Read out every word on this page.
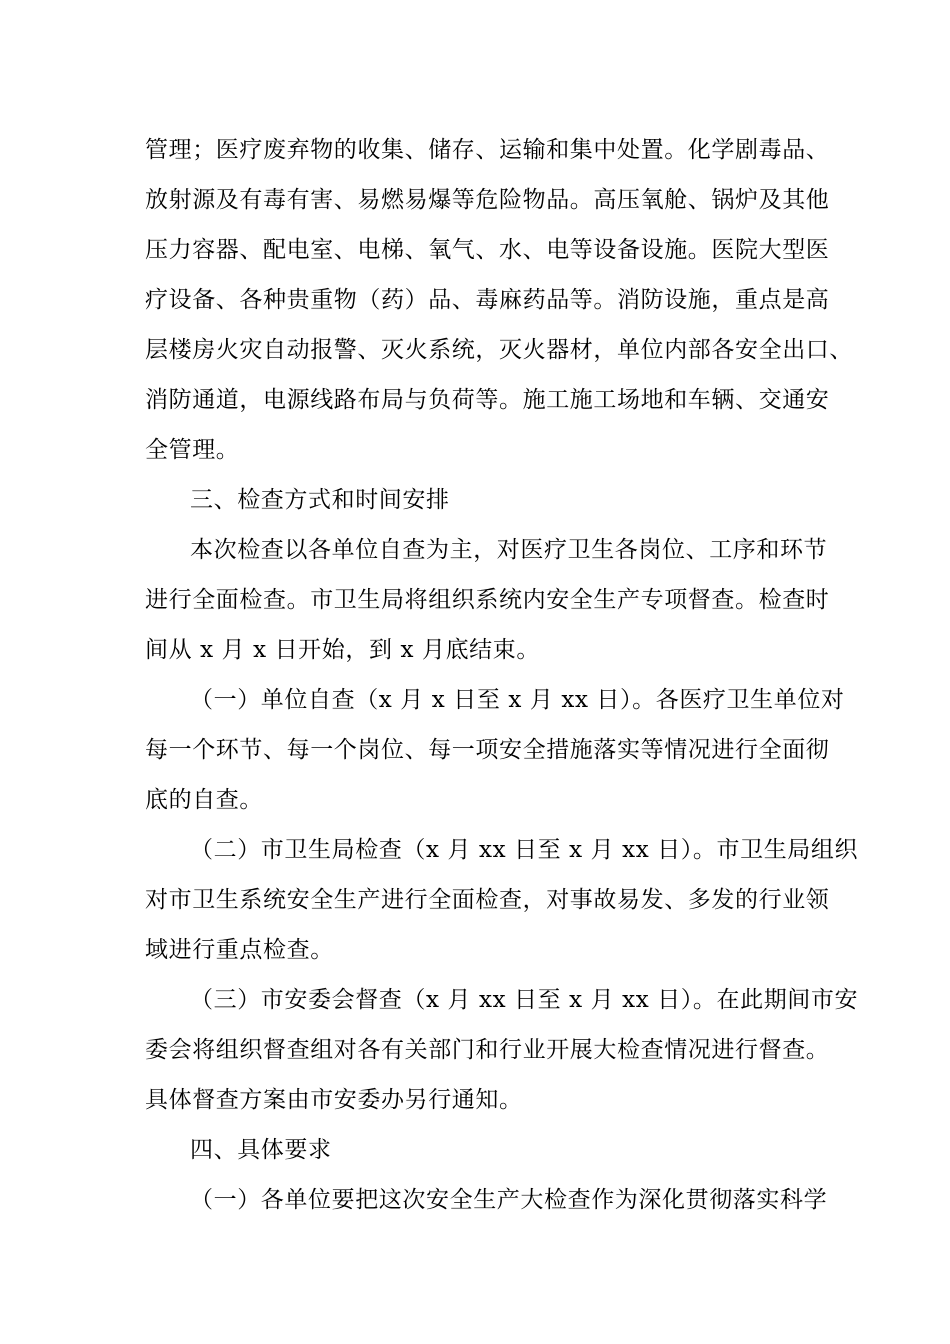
管理；医疗废弃物的收集、储存、运输和集中处置。化学剧毒品、
放射源及有毒有害、易燃易爆等危险物品。高压氧舱、锅炉及其他
压力容器、配电室、电梯、氧气、水、电等设备设施。医院大型医
疗设备、各种贵重物（药）品、毒麻药品等。消防设施，重点是高
层楼房火灾自动报警、灭火系统，灭火器材，单位内部各安全出口、
消防通道，电源线路布局与负荷等。施工施工场地和车辆、交通安
全管理。
三、检查方式和时间安排
本次检查以各单位自查为主，对医疗卫生各岗位、工序和环节
进行全面检查。市卫生局将组织系统内安全生产专项督查。检查时
间从 x 月 x 日开始，到 x 月底结束。
（一）单位自查（x 月 x 日至 x 月 xx 日）。各医疗卫生单位对
每一个环节、每一个岗位、每一项安全措施落实等情况进行全面彻
底的自查。
（二）市卫生局检查（x 月 xx 日至 x 月 xx 日）。市卫生局组织
对市卫生系统安全生产进行全面检查，对事故易发、多发的行业领
域进行重点检查。
（三）市安委会督查（x 月 xx 日至 x 月 xx 日）。在此期间市安
委会将组织督查组对各有关部门和行业开展大检查情况进行督查。
具体督查方案由市安委办另行通知。
四、具体要求
（一）各单位要把这次安全生产大检查作为深化贯彻落实科学
